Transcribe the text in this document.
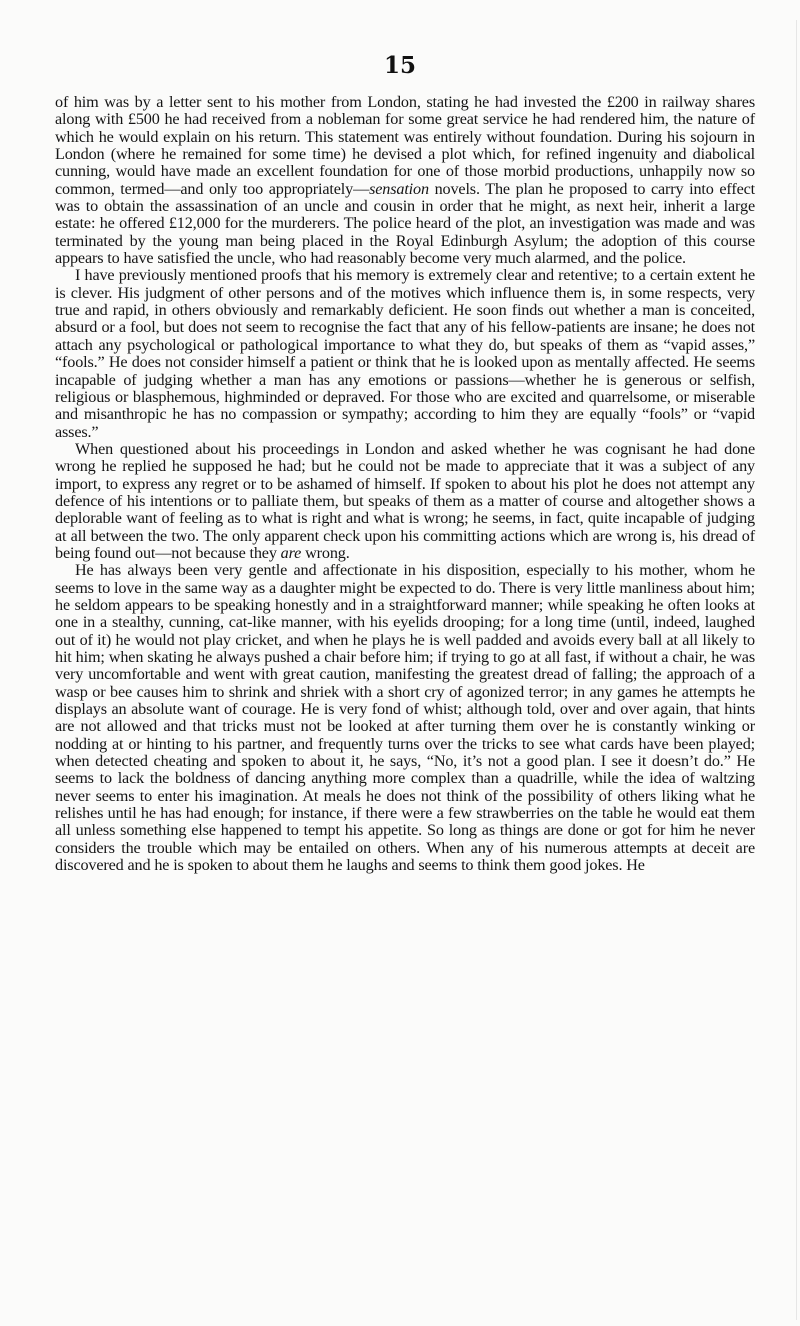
15

of him was by a letter sent to his mother from London, stating he had invested the £200 in railway shares along with £500 he had received from a nobleman for some great service he had rendered him, the nature of which he would explain on his return. This statement was entirely without foundation. During his sojourn in London (where he remained for some time) he devised a plot which, for refined ingenuity and diabolical cunning, would have made an excellent foundation for one of those morbid productions, unhappily now so common, termed—and only too appropriately—sensation novels. The plan he proposed to carry into effect was to obtain the assassination of an uncle and cousin in order that he might, as next heir, inherit a large estate: he offered £12,000 for the murderers. The police heard of the plot, an investigation was made and was terminated by the young man being placed in the Royal Edinburgh Asylum; the adoption of this course appears to have satisfied the uncle, who had reasonably become very much alarmed, and the police.

I have previously mentioned proofs that his memory is extremely clear and retentive; to a certain extent he is clever. His judgment of other persons and of the motives which influence them is, in some respects, very true and rapid, in others obviously and remarkably deficient. He soon finds out whether a man is conceited, absurd or a fool, but does not seem to recognise the fact that any of his fellow-patients are insane; he does not attach any psychological or pathological importance to what they do, but speaks of them as “vapid asses,” “fools.” He does not consider himself a patient or think that he is looked upon as mentally affected. He seems incapable of judging whether a man has any emotions or passions—whether he is generous or selfish, religious or blasphemous, highminded or depraved. For those who are excited and quarrelsome, or miserable and misanthropic he has no compassion or sympathy; according to him they are equally “fools” or “vapid asses.”

When questioned about his proceedings in London and asked whether he was cognisant he had done wrong he replied he supposed he had; but he could not be made to appreciate that it was a subject of any import, to express any regret or to be ashamed of himself. If spoken to about his plot he does not attempt any defence of his intentions or to palliate them, but speaks of them as a matter of course and altogether shows a deplorable want of feeling as to what is right and what is wrong; he seems, in fact, quite incapable of judging at all between the two. The only apparent check upon his committing actions which are wrong is, his dread of being found out—not because they are wrong.

He has always been very gentle and affectionate in his disposition, especially to his mother, whom he seems to love in the same way as a daughter might be expected to do. There is very little manliness about him; he seldom appears to be speaking honestly and in a straightforward manner; while speaking he often looks at one in a stealthy, cunning, cat-like manner, with his eyelids drooping; for a long time (until, indeed, laughed out of it) he would not play cricket, and when he plays he is well padded and avoids every ball at all likely to hit him; when skating he always pushed a chair before him; if trying to go at all fast, if without a chair, he was very uncomfortable and went with great caution, manifesting the greatest dread of falling; the approach of a wasp or bee causes him to shrink and shriek with a short cry of agonized terror; in any games he attempts he displays an absolute want of courage. He is very fond of whist; although told, over and over again, that hints are not allowed and that tricks must not be looked at after turning them over he is constantly winking or nodding at or hinting to his partner, and frequently turns over the tricks to see what cards have been played; when detected cheating and spoken to about it, he says, “No, it’s not a good plan. I see it doesn’t do.” He seems to lack the boldness of dancing anything more complex than a quadrille, while the idea of waltzing never seems to enter his imagination. At meals he does not think of the possibility of others liking what he relishes until he has had enough; for instance, if there were a few strawberries on the table he would eat them all unless something else happened to tempt his appetite. So long as things are done or got for him he never considers the trouble which may be entailed on others. When any of his numerous attempts at deceit are discovered and he is spoken to about them he laughs and seems to think them good jokes. He
